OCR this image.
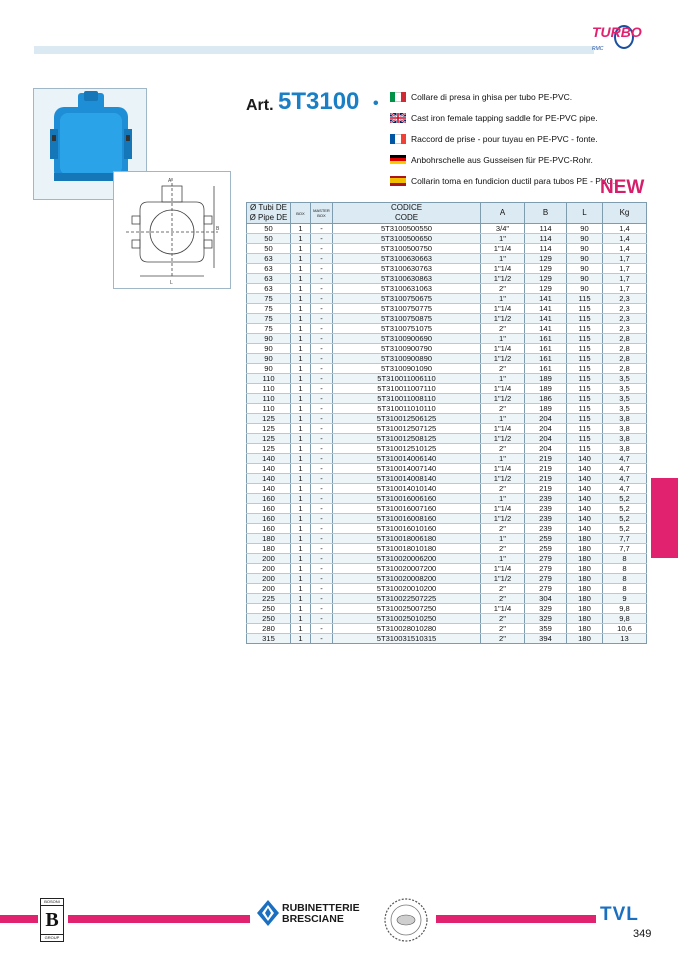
TURBO
RMC
A
B
L
Art. 5T3100 •	Collare di presa in ghisa per tubo PE-PVC.
Cast iron female tapping saddle for PE-PVC pipe.
Raccord de prise - pour tuyau en PE-PVC - fonte.
Anbohrschelle aus Gusseisen für PE-PVC-Rohr.
Collarin toma en fundicion ductil para tubos PE - PVC.
NEW
Ø Tubi DE
Ø Pipe DE	BOX	MASTER
BOX	CODICE
CODE	A	B	L	Kg
50	1	-	5T3100500550	3/4"	114	90	1,4
50	1	-	5T3100500650	1"	114	90	1,4
50	1	-	5T3100500750	1"1/4	114	90	1,4
63	1	-	5T3100630663	1"	129	90	1,7
63	1	-	5T3100630763	1"1/4	129	90	1,7
63	1	-	5T3100630863	1"1/2	129	90	1,7
63	1	-	5T3100631063	2"	129	90	1,7
75	1	-	5T3100750675	1"	141	115	2,3
75	1	-	5T3100750775	1"1/4	141	115	2,3
75	1	-	5T3100750875	1"1/2	141	115	2,3
75	1	-	5T3100751075	2"	141	115	2,3
90	1	-	5T3100900690	1"	161	115	2,8
90	1	-	5T3100900790	1"1/4	161	115	2,8
90	1	-	5T3100900890	1"1/2	161	115	2,8
90	1	-	5T3100901090	2"	161	115	2,8
110	1	-	5T310011006110	1"	189	115	3,5
110	1	-	5T310011007110	1"1/4	189	115	3,5
110	1	-	5T310011008110	1"1/2	186	115	3,5
110	1	-	5T310011010110	2"	189	115	3,5
125	1	-	5T310012506125	1"	204	115	3,8
125	1	-	5T310012507125	1"1/4	204	115	3,8
125	1	-	5T310012508125	1"1/2	204	115	3,8
125	1	-	5T310012510125	2"	204	115	3,8
140	1	-	5T310014006140	1"	219	140	4,7
140	1	-	5T310014007140	1"1/4	219	140	4,7
140	1	-	5T310014008140	1"1/2	219	140	4,7
140	1	-	5T310014010140	2"	219	140	4,7
160	1	-	5T310016006160	1"	239	140	5,2
160	1	-	5T310016007160	1"1/4	239	140	5,2
160	1	-	5T310016008160	1"1/2	239	140	5,2
160	1	-	5T310016010160	2"	239	140	5,2
180	1	-	5T310018006180	1"	259	180	7,7
180	1	-	5T310018010180	2"	259	180	7,7
200	1	-	5T310020006200	1"	279	180	8
200	1	-	5T310020007200	1"1/4	279	180	8
200	1	-	5T310020008200	1"1/2	279	180	8
200	1	-	5T310020010200	2"	279	180	8
225	1	-	5T310022507225	2"	304	180	9
250	1	-	5T310025007250	1"1/4	329	180	9,8
250	1	-	5T310025010250	2"	329	180	9,8
280	1	-	5T310028010280	2"	359	180	10,6
315	1	-	5T310031510315	2"	394	180	13
BOSONI
B
GROUP
RUBINETTERIE
BRESCIANE	TVL
349
